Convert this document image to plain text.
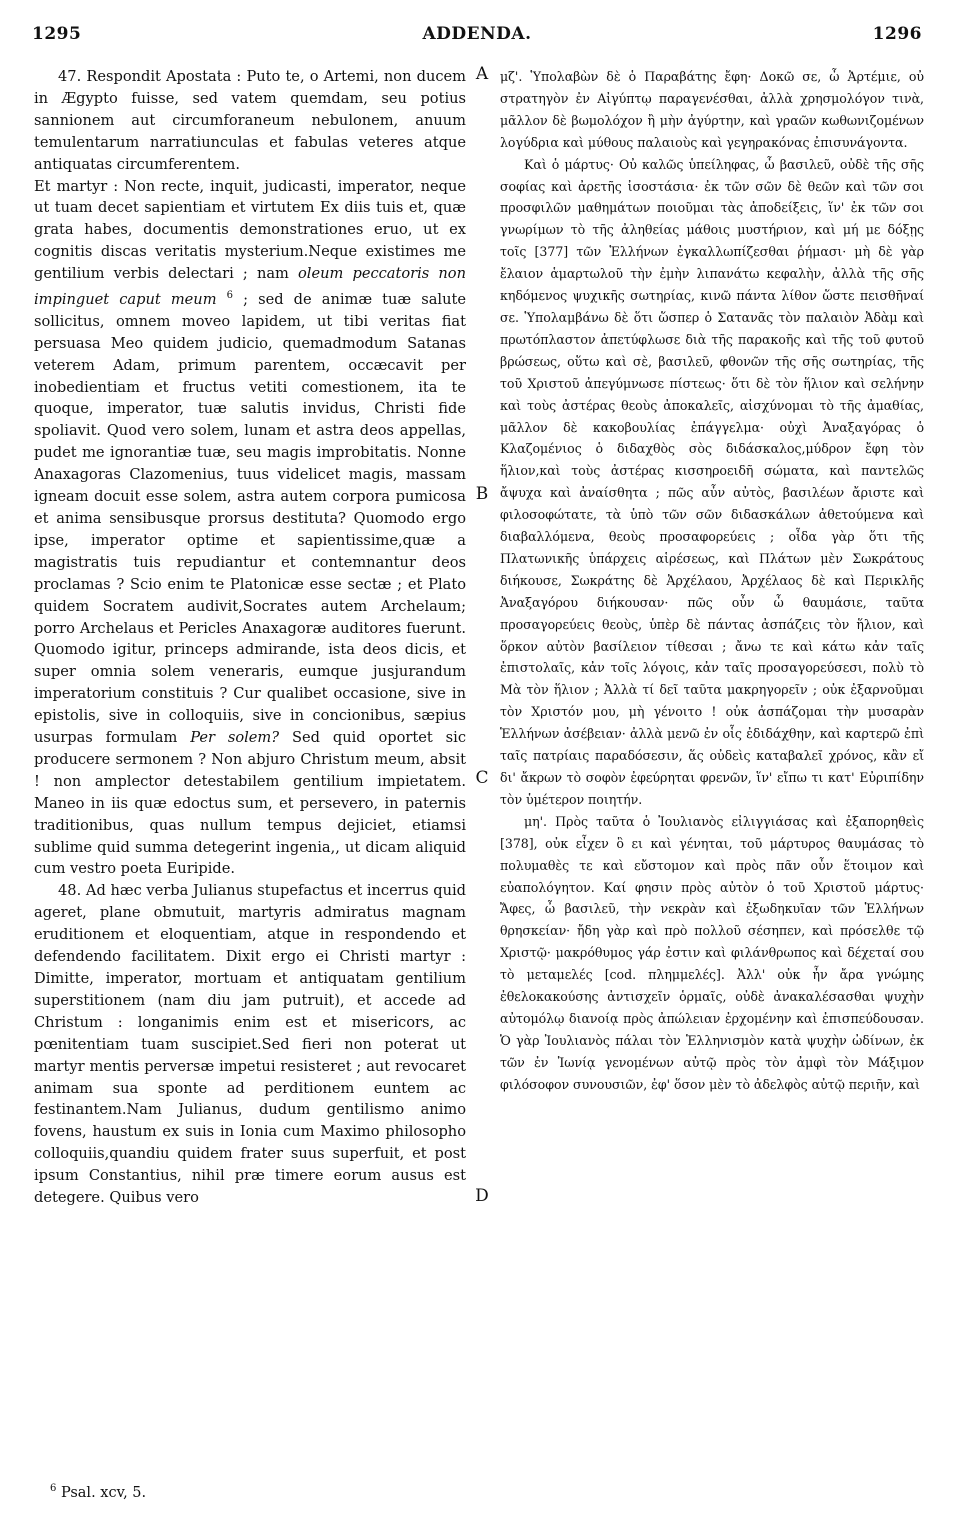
1295	ADDENDA.	1296

47. Respondit Apostata : Puto te, o Artemi, non ducem in Ægypto fuisse, sed vatem quemdam, seu potius sannionem aut circumforaneum nebulonem, anuum temulentarum narratiunculas et fabulas veteres atque antiquatas circumferentem.

Et martyr : Non recte, inquit, judicasti, imperator, neque ut tuam decet sapientiam et virtutem Ex diis tuis et, quæ grata habes, documentis demonstrationes eruo, ut ex cognitis discas veritatis mysterium.Neque existimes me gentilium verbis delectari ; nam oleum peccatoris non impinguet caput meum $^6$ ; sed de animæ tuæ salute sollicitus, omnem moveo lapidem, ut tibi veritas fiat persuasa Meo quidem judicio, quemadmodum Satanas veterem Adam, primum parentem, occæcavit per inobedientiam et fructus vetiti comestionem, ita te quoque, imperator, tuæ salutis invidus, Christi fide spoliavit. Quod vero solem, lunam et astra deos appellas, pudet me ignorantiæ tuæ, seu magis improbitatis. Nonne Anaxagoras Clazomenius, tuus videlicet magis, massam igneam docuit esse solem, astra autem corpora pumicosa et anima sensibusque prorsus destituta? Quomodo ergo ipse, imperator optime et sapientissime,quæ a magistratis tuis repudiantur et contemnantur deos proclamas ? Scio enim te Platonicæ esse sectæ ; et Plato quidem Socratem audivit,Socrates autem Archelaum; porro Archelaus et Pericles Anaxagoræ auditores fuerunt. Quomodo igitur, princeps admirande, ista deos dicis, et super omnia solem veneraris, eumque jusjurandum imperatorium constituis ? Cur qualibet occasione, sive in epistolis, sive in colloquiis, sive in concionibus, sæpius usurpas formulam Per solem? Sed quid oportet sic producere sermonem ? Non abjuro Christum meum, absit ! non amplector detestabilem gentilium impietatem. Maneo in iis quæ edoctus sum, et persevero, in paternis traditionibus, quas nullum tempus dejiciet, etiamsi sublime quid summa detegerint ingenia,, ut dicam aliquid cum vestro poeta Euripide.

48. Ad hæc verba Julianus stupefactus et incerrus quid ageret, plane obmutuit, martyris admiratus magnam eruditionem et eloquentiam, atque in respondendo et defendendo facilitatem. Dixit ergo ei Christi martyr : Dimitte, imperator, mortuam et antiquatam gentilium superstitionem (nam diu jam putruit), et accede ad Christum : longanimis enim est et misericors, ac pœnitentiam tuam suscipiet.Sed fieri non poterat ut martyr mentis perversæ impetui resisteret ; aut revocaret animam sua sponte ad perditionem euntem ac festinantem.Nam Julianus, dudum gentilismo animo fovens, haustum ex suis in Ionia cum Maximo philosopho colloquiis,quandiu quidem frater suus superfuit, et post ipsum Constantius, nihil præ timere eorum ausus est detegere. Quibus vero

A
B
C
D

μζ'. Ὑπολαβὼν δὲ ὁ Παραβάτης ἔφη· Δοκῶ σε, ὦ Ἀρτέμιε, οὐ στρατηγὸν ἐν Αἰγύπτῳ παραγενέσθαι, ἀλλὰ χρησμολόγον τινὰ, μᾶλλον δὲ βωμολόχον ἢ μὴν ἀγύρτην, καὶ γραῶν κωθωνιζομένων λογύδρια καὶ μύθους παλαιοὺς καὶ γεγηρακόνας ἐπισυνάγοντα.

Καὶ ὁ μάρτυς· Οὐ καλῶς ὑπείληφας, ὦ βασιλεῦ, οὐδὲ τῆς σῆς σοφίας καὶ ἀρετῆς ἰσοστάσια· ἐκ τῶν σῶν δὲ θεῶν καὶ τῶν σοι προσφιλῶν μαθημάτων ποιοῦμαι τὰς ἀποδείξεις, ἵν' ἐκ τῶν σοι γνωρίμων τὸ τῆς ἀληθείας μάθοις μυστήριον, καὶ μή με δόξῃς τοῖς [377] τῶν Ἑλλήνων ἐγκαλλωπίζεσθαι ῥήμασι· μὴ δὲ γὰρ ἔλαιον ἁμαρτωλοῦ τὴν ἐμὴν λιπανάτω κεφαλὴν, ἀλλὰ τῆς σῆς κηδόμενος ψυχικῆς σωτηρίας, κινῶ πάντα λίθον ὥστε πεισθῆναί σε. Ὑπολαμβάνω δὲ ὅτι ὥσπερ ὁ Σατανᾶς τὸν παλαιὸν Ἀδὰμ καὶ πρωτόπλαστον ἀπετύφλωσε διὰ τῆς παρακοῆς καὶ τῆς τοῦ φυτοῦ βρώσεως, οὕτω καὶ σὲ, βασιλεῦ, φθονῶν τῆς σῆς σωτηρίας, τῆς τοῦ Χριστοῦ ἀπεγύμνωσε πίστεως· ὅτι δὲ τὸν ἥλιον καὶ σελήνην καὶ τοὺς ἀστέρας θεοὺς ἀποκαλεῖς, αἰσχύνομαι τὸ τῆς ἀμαθίας, μᾶλλον δὲ κακοβουλίας ἐπάγγελμα· οὐχὶ Ἀναξαγόρας ὁ Κλαζομένιος ὁ διδαχθὸς σὸς διδάσκαλος,μύδρον ἔφη τὸν ἥλιον,καὶ τοὺς ἀστέρας κισσηροειδῆ σώματα, καὶ παντελῶς ἄψυχα καὶ ἀναίσθητα ; πῶς αὖν αὐτὸς, βασιλέων ἄριστε καὶ φιλοσοφώτατε, τὰ ὑπὸ τῶν σῶν διδασκάλων ἀθετούμενα καὶ διαβαλλόμενα, θεοὺς προσαφορεύεις ; οἶδα γὰρ ὅτι τῆς Πλατωνικῆς ὑπάρχεις αἱρέσεως, καὶ Πλάτων μὲν Σωκράτους διήκουσε, Σωκράτης δὲ Ἀρχέλαου, Ἀρχέλαος δὲ καὶ Περικλῆς Ἀναξαγόρου διήκουσαν· πῶς οὖν ὦ θαυμάσιε, ταῦτα προσαγορεύεις θεοὺς, ὑπὲρ δὲ πάντας ἀσπάζεις τὸν ἥλιον, καὶ ὅρκον αὐτὸν βασίλειον τίθεσαι ; ἄνω τε καὶ κάτω κἀν ταῖς ἐπιστολαῖς, κἀν τοῖς λόγοις, κἀν ταῖς προσαγορεύσεσι, πολὺ τὸ Μὰ τὸν ἥλιον ; Ἀλλὰ τί δεῖ ταῦτα μακρηγορεῖν ; οὐκ ἐξαρνοῦμαι τὸν Χριστόν μου, μὴ γένοιτο ! οὐκ ἀσπάζομαι τὴν μυσαρὰν Ἑλλήνων ἀσέβειαν· ἀλλὰ μενῶ ἐν οἷς ἐδιδάχθην, καὶ καρτερῶ ἐπὶ ταῖς πατρίαις παραδόσεσιν, ἅς οὐδεὶς καταβαλεῖ χρόνος, κἂν εἴ δι' ἄκρων τὸ σοφὸν ἐφεύρηται φρενῶν, ἵν' εἴπω τι κατ' Εὐριπίδην τὸν ὑμέτερον ποιητήν.

μη'. Πρὸς ταῦτα ὁ Ἰουλιανὸς εἰλιγγιάσας καὶ ἐξαπορηθεὶς [378], οὐκ εἶχεν ὃ ει καὶ γένηται, τοῦ μάρτυρος θαυμάσας τὸ πολυμαθὲς τε καὶ εὔστομον καὶ πρὸς πᾶν οὖν ἕτοιμον καὶ εὐαπολόγητον. Καί φησιν πρὸς αὐτὸν ὁ τοῦ Χριστοῦ μάρτυς· Ἄφες, ὦ βασιλεῦ, τὴν νεκρὰν καὶ ἐξωδηκυῖαν τῶν Ἑλλήνων θρησκείαν· ἤδη γὰρ καὶ πρὸ πολλοῦ σέσηπεν, καὶ πρόσελθε τῷ Χριστῷ· μακρόθυμος γάρ ἐστιν καὶ φιλάνθρωπος καὶ δέχεταί σου τὸ μεταμελές [cod. πλημμελές]. Ἀλλ' οὐκ ἦν ἄρα γνώμης ἐθελοκακούσης ἀντισχεῖν ὁρμαῖς, οὐδὲ ἀνακαλέσασθαι ψυχὴν αὐτομόλῳ διανοίᾳ πρὸς ἀπώλειαν ἐρχομένην καὶ ἐπισπεύδουσαν. Ὁ γὰρ Ἰουλιανὸς πάλαι τὸν Ἑλληνισμὸν κατὰ ψυχὴν ὠδίνων, ἐκ τῶν ἐν Ἰωνίᾳ γενομένων αὐτῷ πρὸς τὸν ἀμφὶ τὸν Μάξιμον φιλόσοφον συνουσιῶν, ἐφ' ὅσον μὲν τὸ ἀδελφὸς αὐτῷ περιῆν, καὶ

$^6$ Psal. xcv, 5.
